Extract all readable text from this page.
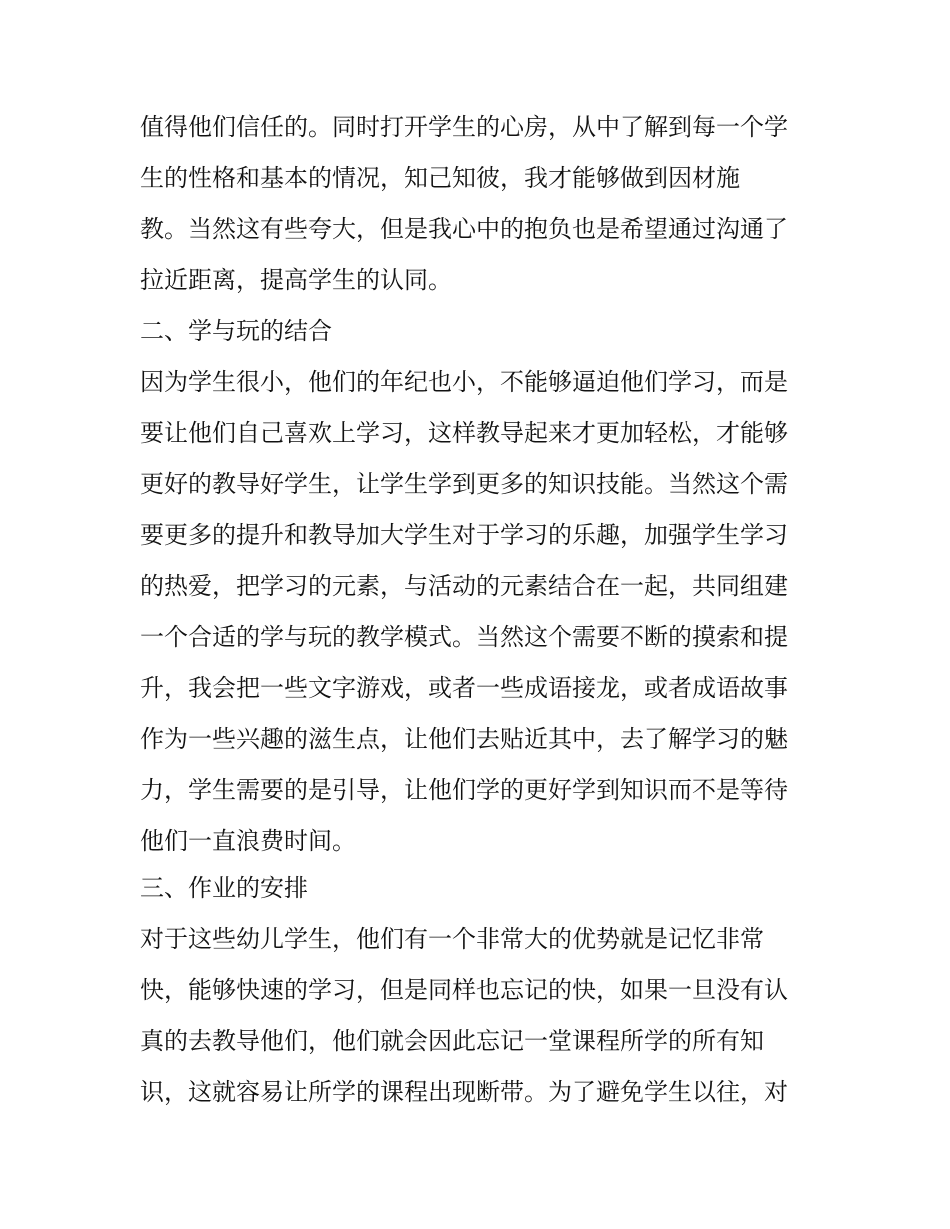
值得他们信任的。同时打开学生的心房，从中了解到每一个学
生的性格和基本的情况，知己知彼，我才能够做到因材施
教。当然这有些夸大，但是我心中的抱负也是希望通过沟通了
拉近距离，提高学生的认同。
二、学与玩的结合
因为学生很小，他们的年纪也小，不能够逼迫他们学习，而是
要让他们自己喜欢上学习，这样教导起来才更加轻松，才能够
更好的教导好学生，让学生学到更多的知识技能。当然这个需
要更多的提升和教导加大学生对于学习的乐趣，加强学生学习
的热爱，把学习的元素，与活动的元素结合在一起，共同组建
一个合适的学与玩的教学模式。当然这个需要不断的摸索和提
升，我会把一些文字游戏，或者一些成语接龙，或者成语故事
作为一些兴趣的滋生点，让他们去贴近其中，去了解学习的魅
力，学生需要的是引导，让他们学的更好学到知识而不是等待
他们一直浪费时间。
三、作业的安排
对于这些幼儿学生，他们有一个非常大的优势就是记忆非常
快，能够快速的学习，但是同样也忘记的快，如果一旦没有认
真的去教导他们，他们就会因此忘记一堂课程所学的所有知
识，这就容易让所学的课程出现断带。为了避免学生以往，对
